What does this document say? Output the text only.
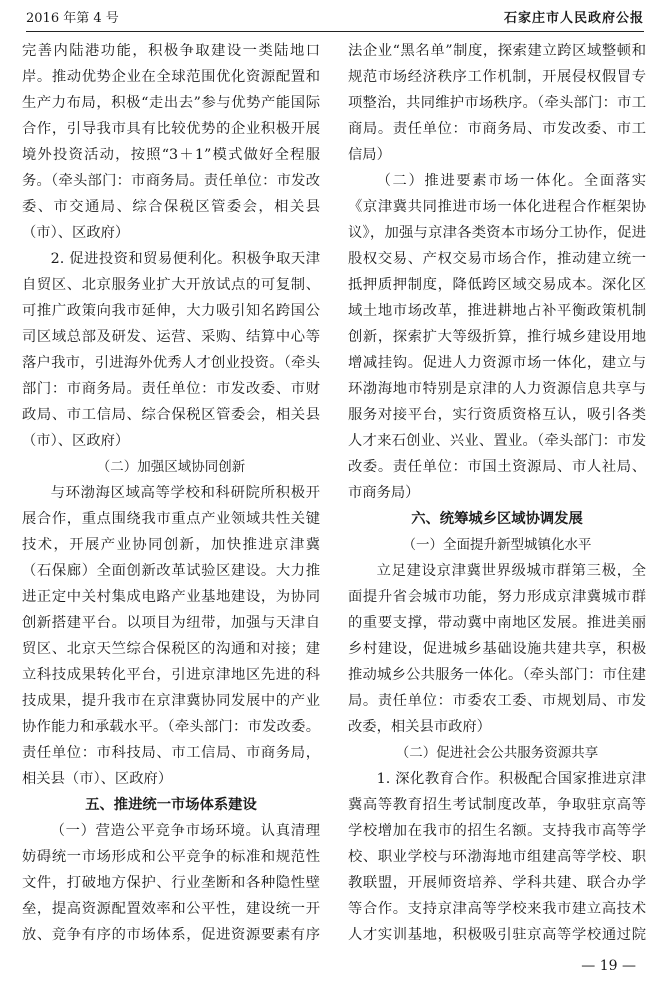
2016 年第 4 号	石家庄市人民政府公报

完善内陆港功能，积极争取建设一类陆地口岸。推动优势企业在全球范围优化资源配置和生产力布局，积极“走出去”参与优势产能国际合作，引导我市具有比较优势的企业积极开展境外投资活动，按照“3＋1”模式做好全程服务。（牵头部门：市商务局。责任单位：市发改委、市交通局、综合保税区管委会，相关县（市）、区政府）

2. 促进投资和贸易便利化。积极争取天津自贸区、北京服务业扩大开放试点的可复制、可推广政策向我市延伸，大力吸引知名跨国公司区域总部及研发、运营、采购、结算中心等落户我市，引进海外优秀人才创业投资。（牵头部门：市商务局。责任单位：市发改委、市财政局、市工信局、综合保税区管委会，相关县（市）、区政府）

（二）加强区域协同创新

与环渤海区域高等学校和科研院所积极开展合作，重点围绕我市重点产业领域共性关键技术，开展产业协同创新，加快推进京津冀（石保廊）全面创新改革试验区建设。大力推进正定中关村集成电路产业基地建设，为协同创新搭建平台。以项目为纽带，加强与天津自贸区、北京天竺综合保税区的沟通和对接；建立科技成果转化平台，引进京津地区先进的科技成果，提升我市在京津冀协同发展中的产业协作能力和承载水平。（牵头部门：市发改委。责任单位：市科技局、市工信局、市商务局，相关县（市）、区政府）

五、推进统一市场体系建设

（一）营造公平竞争市场环境。认真清理妨碍统一市场形成和公平竞争的标准和规范性文件，打破地方保护、行业垄断和各种隐性壁垒，提高资源配置效率和公平性，建设统一开放、竞争有序的市场体系，促进资源要素有序

法企业“黑名单”制度，探索建立跨区域整顿和规范市场经济秩序工作机制，开展侵权假冒专项整治，共同维护市场秩序。（牵头部门：市工商局。责任单位：市商务局、市发改委、市工信局）

（二）推进要素市场一体化。全面落实《京津冀共同推进市场一体化进程合作框架协议》，加强与京津各类资本市场分工协作，促进股权交易、产权交易市场合作，推动建立统一抵押质押制度，降低跨区域交易成本。深化区域土地市场改革，推进耕地占补平衡政策机制创新，探索扩大等级折算，推行城乡建设用地增减挂钩。促进人力资源市场一体化，建立与环渤海地市特别是京津的人力资源信息共享与服务对接平台，实行资质资格互认，吸引各类人才来石创业、兴业、置业。（牵头部门：市发改委。责任单位：市国土资源局、市人社局、市商务局）

六、统筹城乡区域协调发展
（一）全面提升新型城镇化水平

立足建设京津冀世界级城市群第三极，全面提升省会城市功能，努力形成京津冀城市群的重要支撑，带动冀中南地区发展。推进美丽乡村建设，促进城乡基础设施共建共享，积极推动城乡公共服务一体化。（牵头部门：市住建局。责任单位：市委农工委、市规划局、市发改委，相关县市政府）

（二）促进社会公共服务资源共享

1. 深化教育合作。积极配合国家推进京津冀高等教育招生考试制度改革，争取驻京高等学校增加在我市的招生名额。支持我市高等学校、职业学校与环渤海地市组建高等学校、职教联盟，开展师资培养、学科共建、联合办学等合作。支持京津高等学校来我市建立高技术人才实训基地，积极吸引驻京高等学校通过院

— 19 —
